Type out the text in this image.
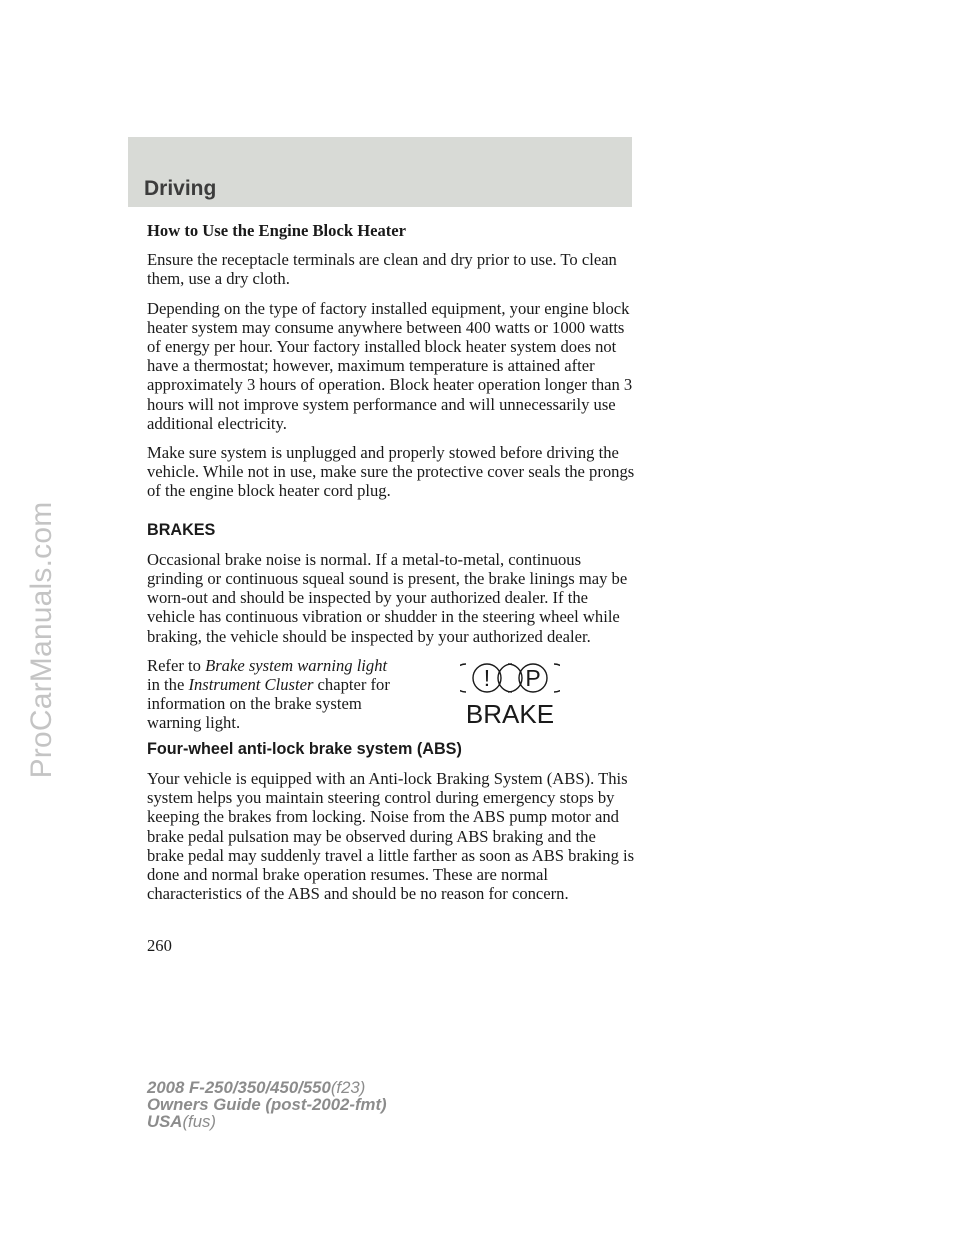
ProCarManuals.com
Driving
How to Use the Engine Block Heater

Ensure the receptacle terminals are clean and dry prior to use. To clean them, use a dry cloth.

Depending on the type of factory installed equipment, your engine block heater system may consume anywhere between 400 watts or 1000 watts of energy per hour. Your factory installed block heater system does not have a thermostat; however, maximum temperature is attained after approximately 3 hours of operation. Block heater operation longer than 3 hours will not improve system performance and will unnecessarily use additional electricity.

Make sure system is unplugged and properly stowed before driving the vehicle. While not in use, make sure the protective cover seals the prongs of the engine block heater cord plug.

BRAKES

Occasional brake noise is normal. If a metal-to-metal, continuous grinding or continuous squeal sound is present, the brake linings may be worn-out and should be inspected by your authorized dealer. If the vehicle has continuous vibration or shudder in the steering wheel while braking, the vehicle should be inspected by your authorized dealer.

Refer to Brake system warning light in the Instrument Cluster chapter for information on the brake system warning light.
! P
BRAKE
Four-wheel anti-lock brake system (ABS)

Your vehicle is equipped with an Anti-lock Braking System (ABS). This system helps you maintain steering control during emergency stops by keeping the brakes from locking. Noise from the ABS pump motor and brake pedal pulsation may be observed during ABS braking and the brake pedal may suddenly travel a little farther as soon as ABS braking is done and normal brake operation resumes. These are normal characteristics of the ABS and should be no reason for concern.

260
2008 F-250/350/450/550(f23)
Owners Guide (post-2002-fmt)
USA(fus)
